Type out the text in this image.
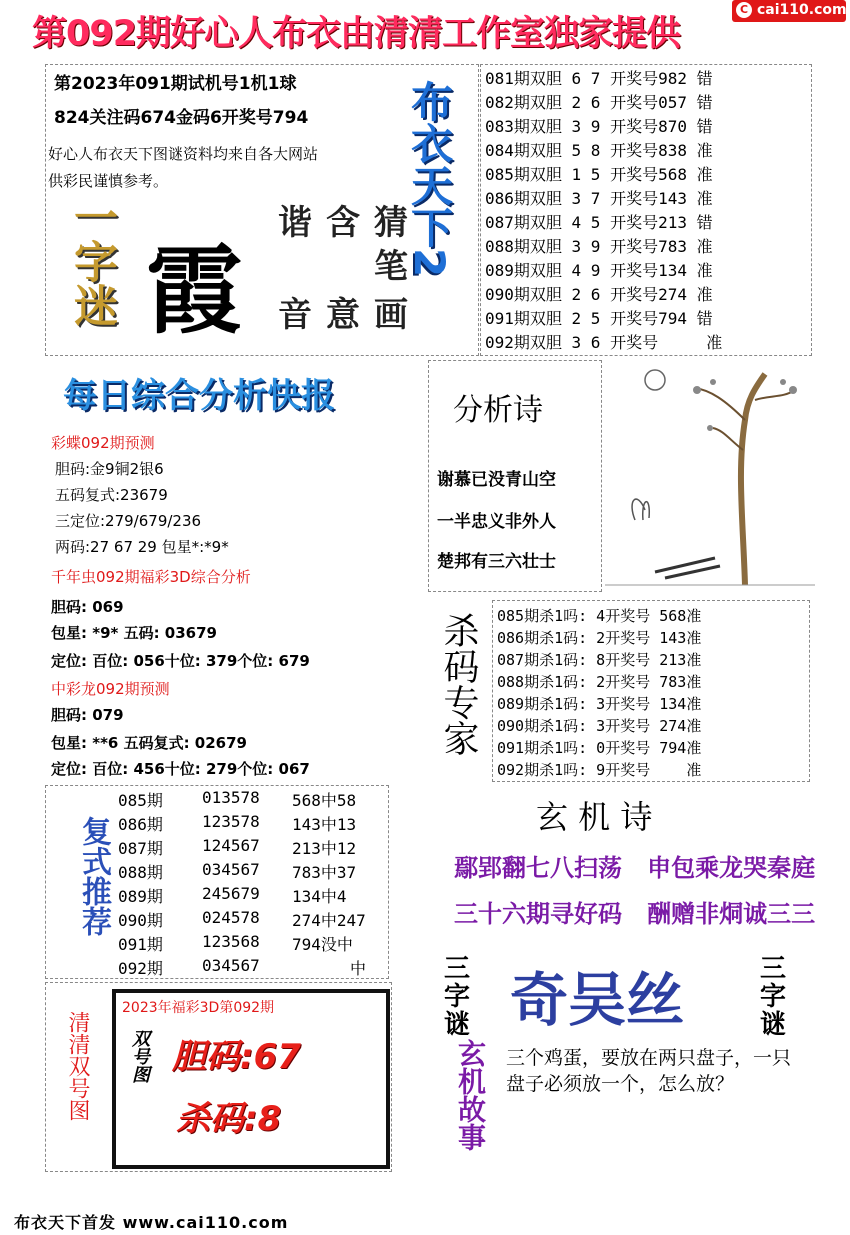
第092期好心人布衣由清清工作室独家提供
C cai110.com
第2023年091期试机号1机1球
824关注码674金码6开奖号794
好心人布衣天下图谜资料均来自各大网站
供彩民谨慎参考。
一字迷 霞
猜
笔
画
含
意
音
谐 布衣天下2
081期双胆 6 7 开奖号982 错
082期双胆 2 6 开奖号057 错
083期双胆 3 9 开奖号870 错
084期双胆 5 8 开奖号838 准
085期双胆 1 5 开奖号568 准
086期双胆 3 7 开奖号143 准
087期双胆 4 5 开奖号213 错
088期双胆 3 9 开奖号783 准
089期双胆 4 9 开奖号134 准
090期双胆 2 6 开奖号274 准
091期双胆 2 5 开奖号794 错
092期双胆 3 6 开奖号     准
每日综合分析快报
彩蝶092期预测
胆码:金9铜2银6
五码复式:23679
三定位:279/679/236
两码:27 67 29 包星*:*9*
千年虫092期福彩3D综合分析
胆码: 069
包星: *9* 五码: 03679
定位: 百位: 056十位: 379个位: 679
中彩龙092期预测
胆码: 079
包星: **6 五码复式: 02679
定位: 百位: 456十位: 279个位: 067
分析诗
谢慕已没青山空
一半忠义非外人
楚邦有三六壮士
杀码专家 085期杀1吗: 4开奖号 568准
086期杀1码: 2开奖号 143准
087期杀1码: 8开奖号 213准
088期杀1码: 2开奖号 783准
089期杀1码: 3开奖号 134准
090期杀1码: 3开奖号 274准
091期杀1吗: 0开奖号 794准
092期杀1吗: 9开奖号    准
复式推荐
085期 013578 568中58
086期 123578 143中13
087期 124567 213中12
088期 034567 783中37
089期 245679 134中4
090期 024578 274中247
091期 123568 794没中
092期 034567	中
玄 机 诗
鄢郢翻七八扫荡   申包乘龙哭秦庭
三十六期寻好码   酬赠非烔诚三三
清清双号图
2023年福彩3D第092期
双号图 胆码:67
杀码:8
三字谜 奇吴丝	三字谜
玄机故事 三个鸡蛋，要放在两只盘子，一只盘子必须放一个，怎么放？
布衣天下首发 www.cai110.com
